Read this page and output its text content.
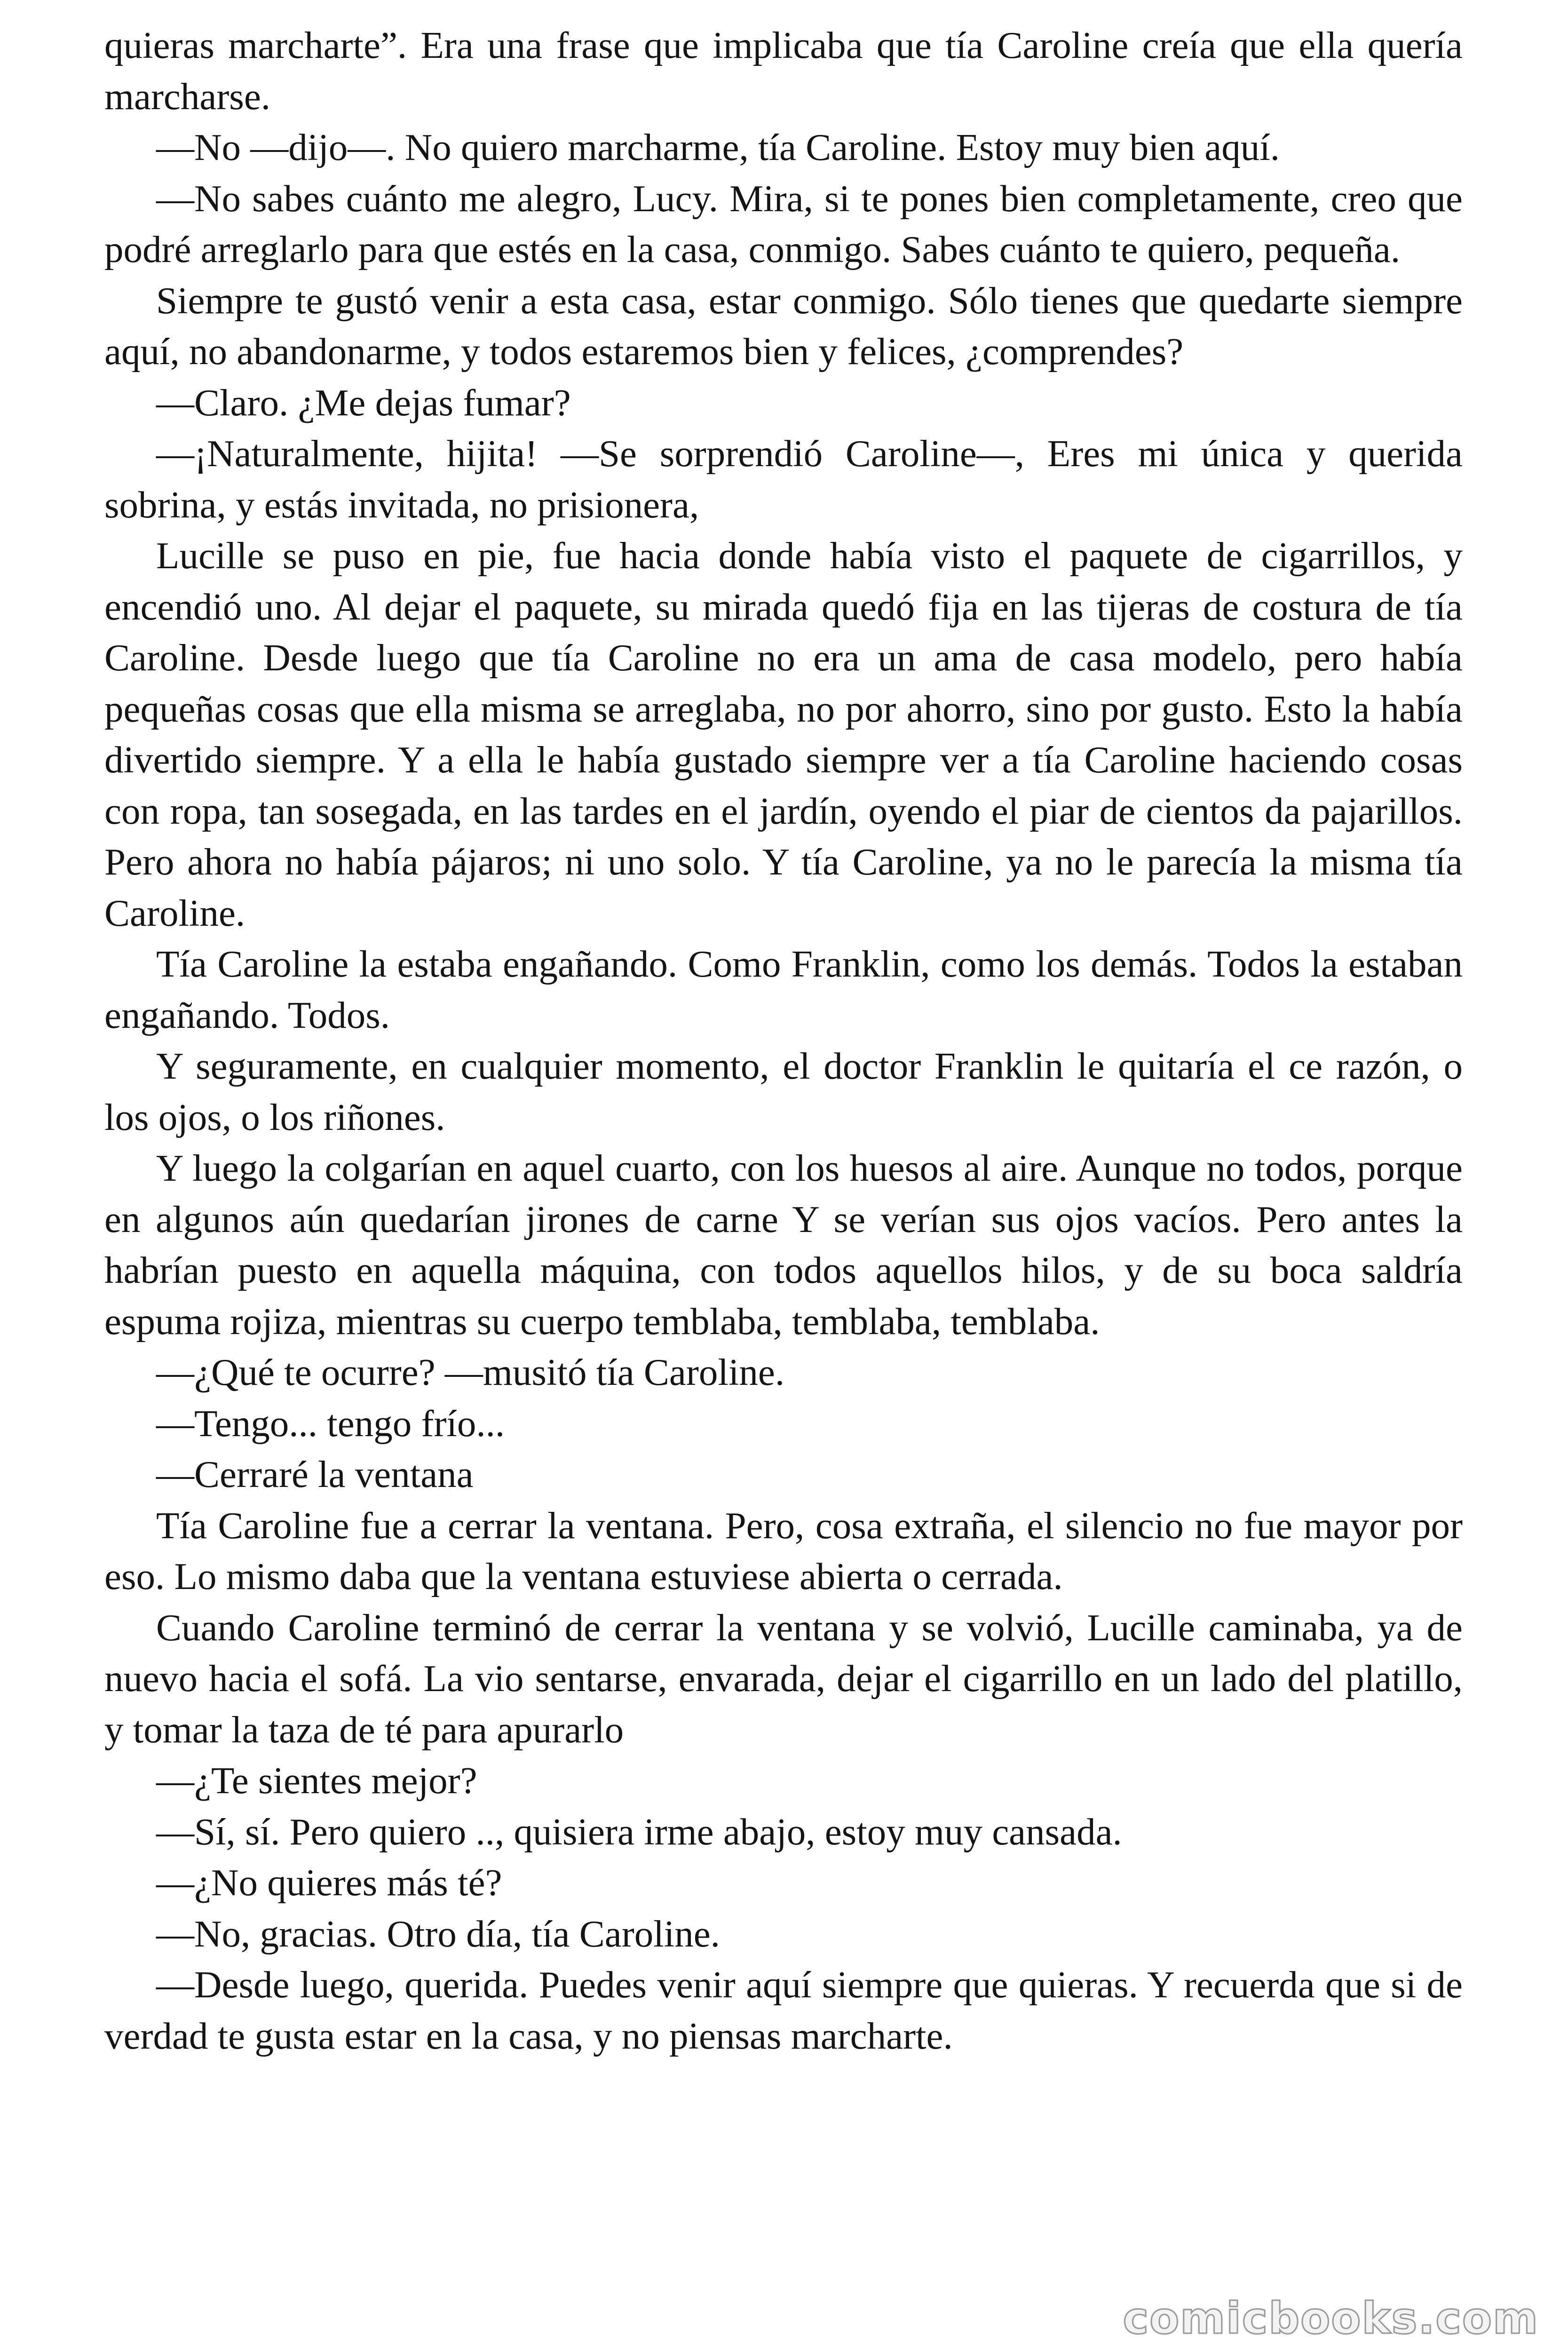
quieras marcharte”. Era una frase que implicaba que tía Caroline creía que ella quería marcharse.

—No —dijo—. No quiero marcharme, tía Caroline. Estoy muy bien aquí.

—No sabes cuánto me alegro, Lucy. Mira, si te pones bien completamente, creo que podré arreglarlo para que estés en la casa, conmigo. Sabes cuánto te quiero, pequeña.

Siempre te gustó venir a esta casa, estar conmigo. Sólo tienes que quedarte siempre aquí, no abandonarme, y todos estaremos bien y felices, ¿comprendes?

—Claro. ¿Me dejas fumar?

—¡Naturalmente, hijita! —Se sorprendió Caroline—, Eres mi única y querida sobrina, y estás invitada, no prisionera,

Lucille se puso en pie, fue hacia donde había visto el paquete de cigarrillos, y encendió uno. Al dejar el paquete, su mirada quedó fija en las tijeras de costura de tía Caroline. Desde luego que tía Caroline no era un ama de casa modelo, pero había pequeñas cosas que ella misma se arreglaba, no por ahorro, sino por gusto. Esto la había divertido siempre. Y a ella le había gustado siempre ver a tía Caroline haciendo cosas con ropa, tan sosegada, en las tardes en el jardín, oyendo el piar de cientos da pajarillos. Pero ahora no había pájaros; ni uno solo. Y tía Caroline, ya no le parecía la misma tía Caroline.

Tía Caroline la estaba engañando. Como Franklin, como los demás. Todos la estaban engañando. Todos.

Y seguramente, en cualquier momento, el doctor Franklin le quitaría el ce razón, o los ojos, o los riñones.

Y luego la colgarían en aquel cuarto, con los huesos al aire. Aunque no todos, porque en algunos aún quedarían jirones de carne Y se verían sus ojos vacíos. Pero antes la habrían puesto en aquella máquina, con todos aquellos hilos, y de su boca saldría espuma rojiza, mientras su cuerpo temblaba, temblaba, temblaba.

—¿Qué te ocurre? —musitó tía Caroline.

—Tengo... tengo frío...

—Cerraré la ventana

Tía Caroline fue a cerrar la ventana. Pero, cosa extraña, el silencio no fue mayor por eso. Lo mismo daba que la ventana estuviese abierta o cerrada.

Cuando Caroline terminó de cerrar la ventana y se volvió, Lucille caminaba, ya de nuevo hacia el sofá. La vio sentarse, envarada, dejar el cigarrillo en un lado del platillo, y tomar la taza de té para apurarlo

—¿Te sientes mejor?

—Sí, sí. Pero quiero .., quisiera irme abajo, estoy muy cansada.

—¿No quieres más té?

—No, gracias. Otro día, tía Caroline.

—Desde luego, querida. Puedes venir aquí siempre que quieras. Y recuerda que si de verdad te gusta estar en la casa, y no piensas marcharte.

comicbooks.com
